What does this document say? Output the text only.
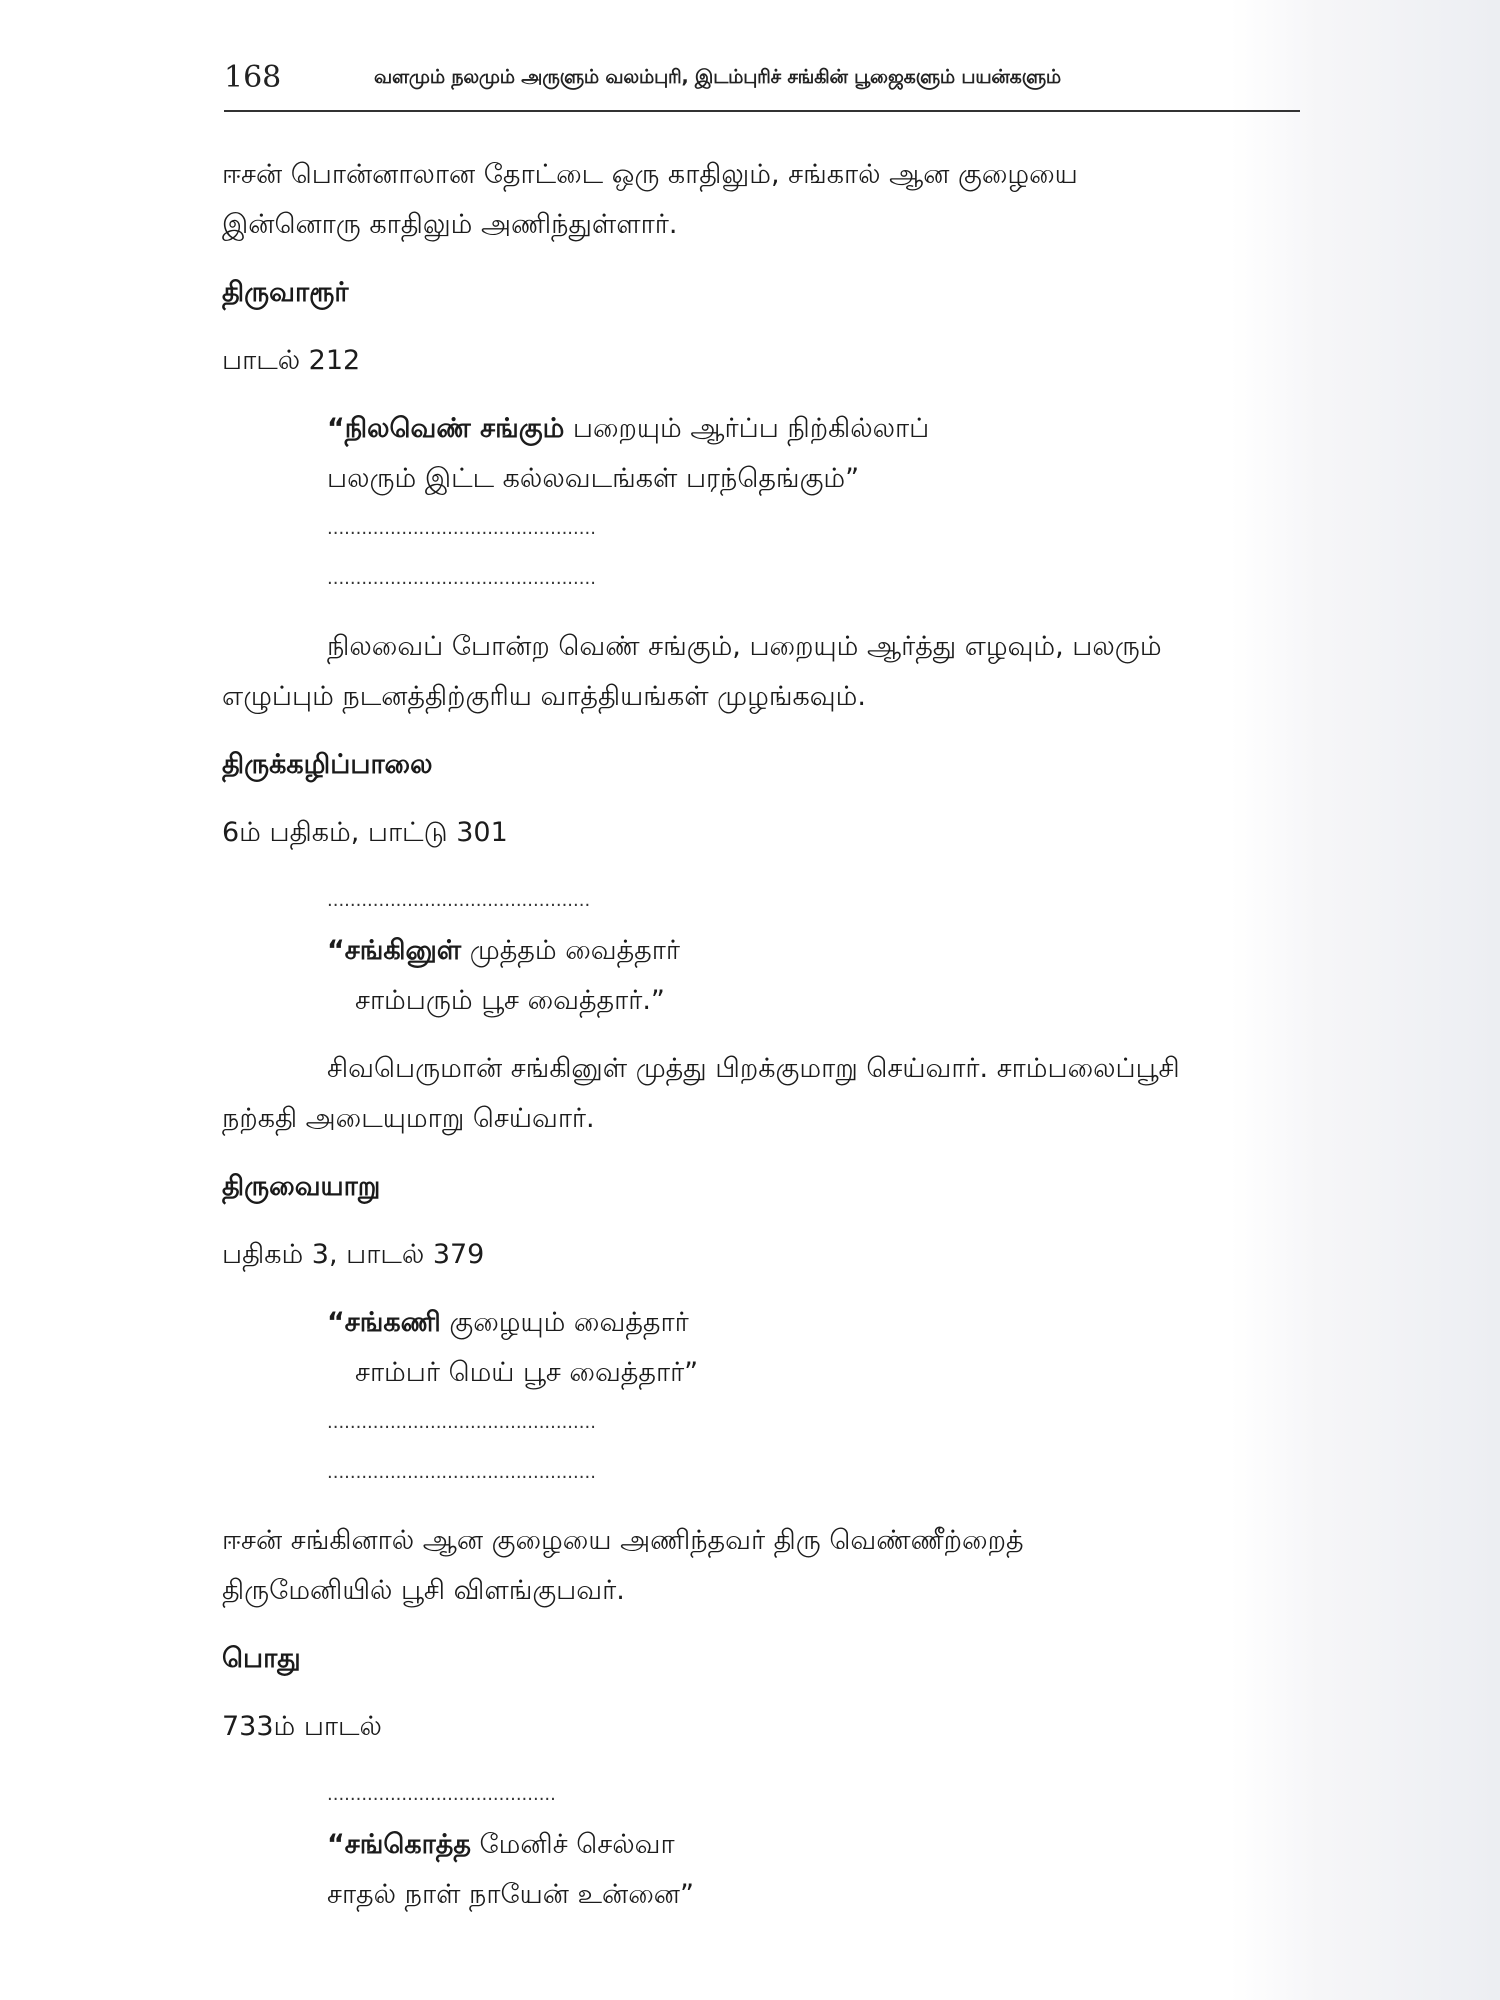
168	வளமும் நலமும் அருளும் வலம்புரி, இடம்புரிச் சங்கின் பூஜைகளும் பயன்களும்

ஈசன் பொன்னாலான தோட்டை ஒரு காதிலும், சங்கால் ஆன குழையை
இன்னொரு காதிலும் அணிந்துள்ளார்.

திருவாரூர்

பாடல் 212

“நிலவெண் சங்கும் பறையும் ஆர்ப்ப நிற்கில்லாப்
பலரும் இட்ட கல்லவடங்கள் பரந்தெங்கும்”
...............................................
...............................................

நிலவைப் போன்ற வெண் சங்கும், பறையும் ஆர்த்து எழவும், பலரும்
எழுப்பும் நடனத்திற்குரிய வாத்தியங்கள் முழங்கவும்.

திருக்கழிப்பாலை

6ம் பதிகம், பாட்டு 301

..............................................
“சங்கினுள் முத்தம் வைத்தார்
சாம்பரும் பூச வைத்தார்.”

சிவபெருமான் சங்கினுள் முத்து பிறக்குமாறு செய்வார். சாம்பலைப்பூசி
நற்கதி அடையுமாறு செய்வார்.

திருவையாறு

பதிகம் 3, பாடல் 379

“சங்கணி குழையும் வைத்தார்
சாம்பர் மெய் பூச வைத்தார்”
...............................................
...............................................

ஈசன் சங்கினால் ஆன குழையை அணிந்தவர் திரு வெண்ணீற்றைத்
திருமேனியில் பூசி விளங்குபவர்.

பொது

733ம் பாடல்

........................................
“சங்கொத்த மேனிச் செல்வா
சாதல் நாள் நாயேன் உன்னை”
